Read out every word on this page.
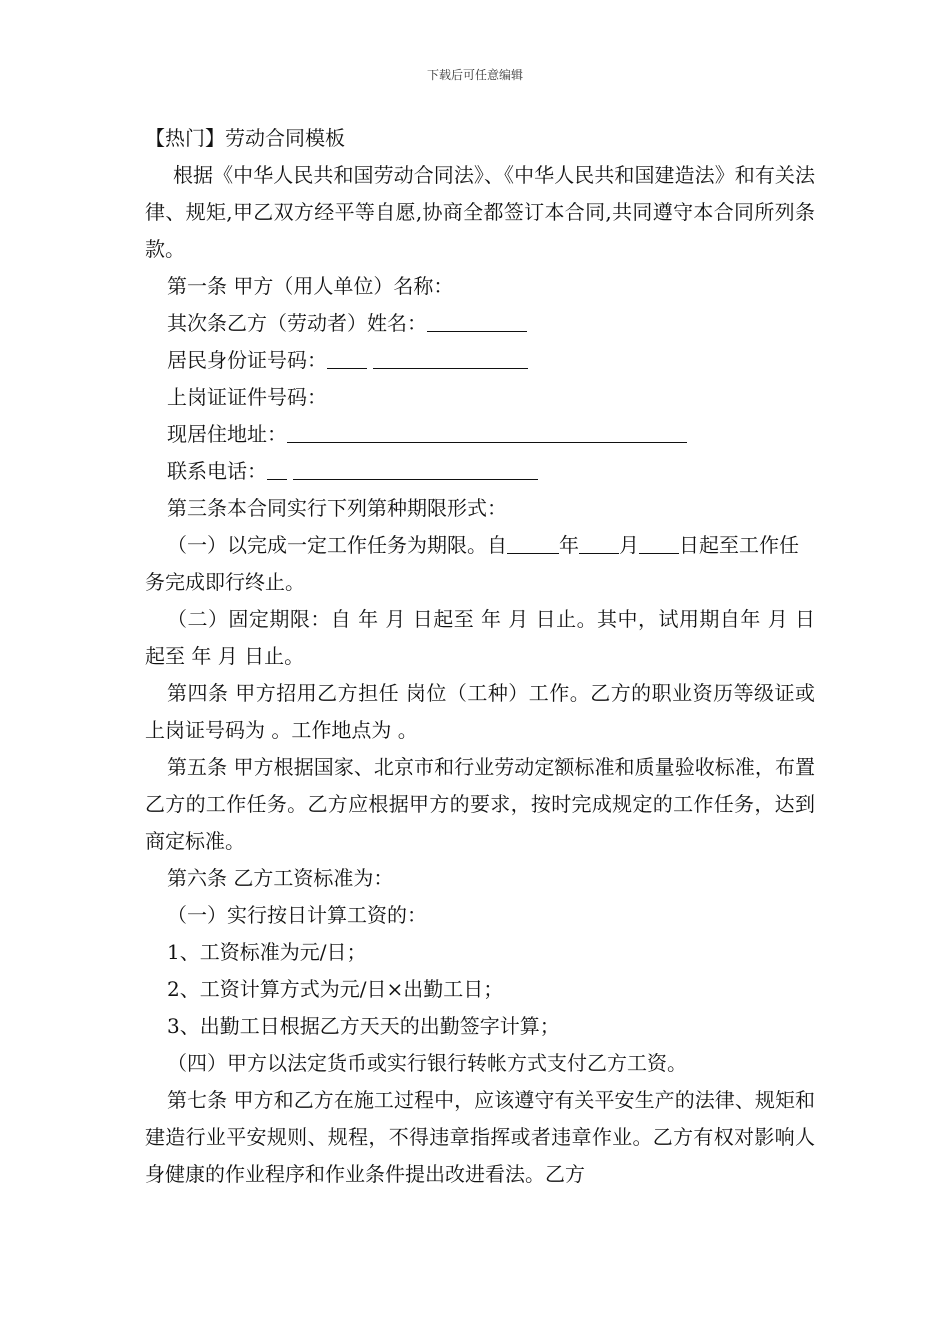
下载后可任意编辑

【热门】劳动合同模板

根据《中华人民共和国劳动合同法》、《中华人民共和国建造法》和有关法律、规矩,甲乙双方经平等自愿,协商全都签订本合同,共同遵守本合同所列条款。

第一条 甲方（用人单位）名称：

其次条乙方（劳动者）姓名：

居民身份证号码：

上岗证证件号码：

现居住地址：

联系电话：

第三条本合同实行下列第种期限形式：

（一）以完成一定工作任务为期限。自	年 月 日起至工作任务完成即行终止。

（二）固定期限：自 年 月 日起至 年 月 日止。其中，试用期自年 月 日起至 年 月 日止。

第四条 甲方招用乙方担任 岗位（工种）工作。乙方的职业资历等级证或上岗证号码为 。工作地点为 。

第五条 甲方根据国家、北京市和行业劳动定额标准和质量验收标准，布置乙方的工作任务。乙方应根据甲方的要求，按时完成规定的工作任务，达到商定标准。

第六条 乙方工资标准为：

（一）实行按日计算工资的：

1、工资标准为元/日；

2、工资计算方式为元/日×出勤工日；

3、出勤工日根据乙方天天的出勤签字计算；

（四）甲方以法定货币或实行银行转帐方式支付乙方工资。

第七条 甲方和乙方在施工过程中，应该遵守有关平安生产的法律、规矩和建造行业平安规则、规程，不得违章指挥或者违章作业。乙方有权对影响人身健康的作业程序和作业条件提出改进看法。乙方
